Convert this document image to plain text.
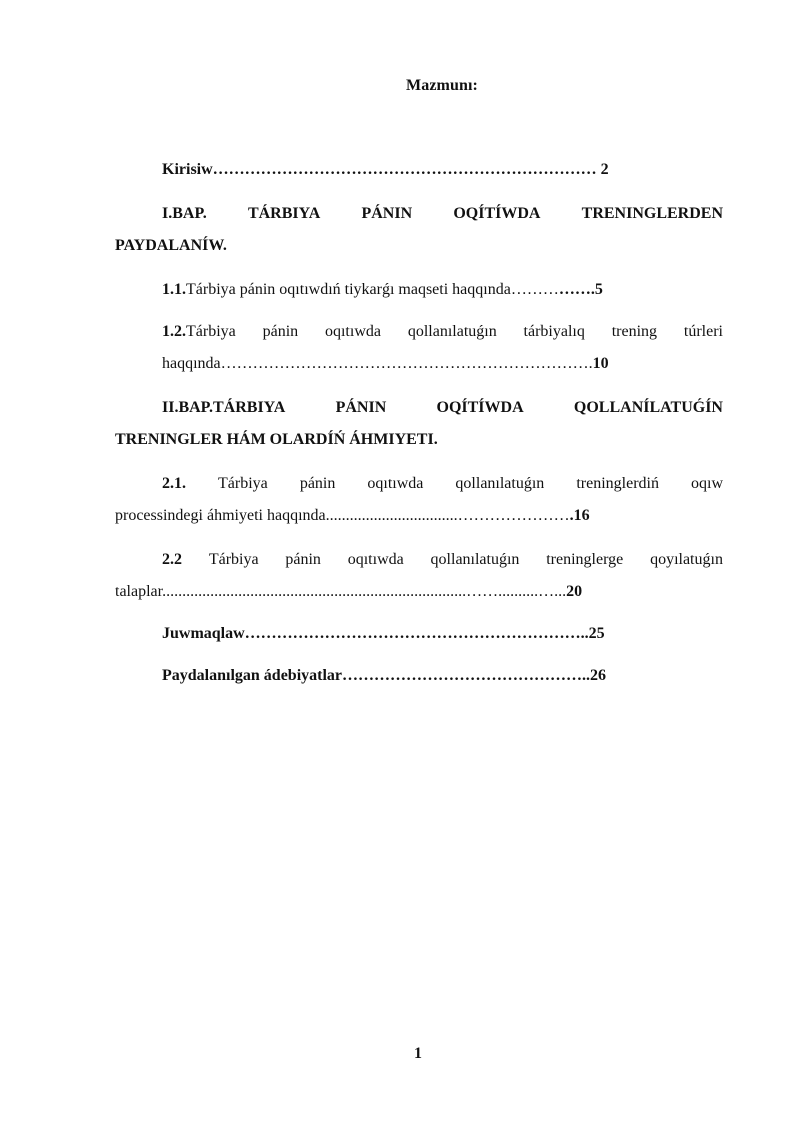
Mazmunı:
Kirisiw……………………………………………………………… 2
I.BAP.	TÁRBIYA	PÁNIN	OQÍTÍWDA	TRENINGLERDEN
PAYDALANÍW.
1.1.Tárbiya pánin oqıtıwdıń tiykarǵı maqseti haqqında…………….5
1.2.Tárbiya pánin oqıtıwda qollanılatuǵın tárbiyalıq trening túrleri
haqqında…………………………………………………………….10
II.BAP.TÁRBIYA	PÁNIN	OQÍTÍWDA	QOLLANÍLATUǴÍN
TRENINGLER HÁM OLARDÍŃ ÁHMIYETI.
2.1. Tárbiya pánin oqıtıwda qollanılatuǵın treninglerdiń oqıw
processindegi áhmiyeti haqqında.................................………………….16
2.2 Tárbiya pánin oqıtıwda qollanılatuǵın treninglerge qoyılatuǵın
talaplar............................................................................……..........…...20
Juwmaqlaw………………………………………………………..25
Paydalanılgan ádebiyatlar………………………………………..26
1
